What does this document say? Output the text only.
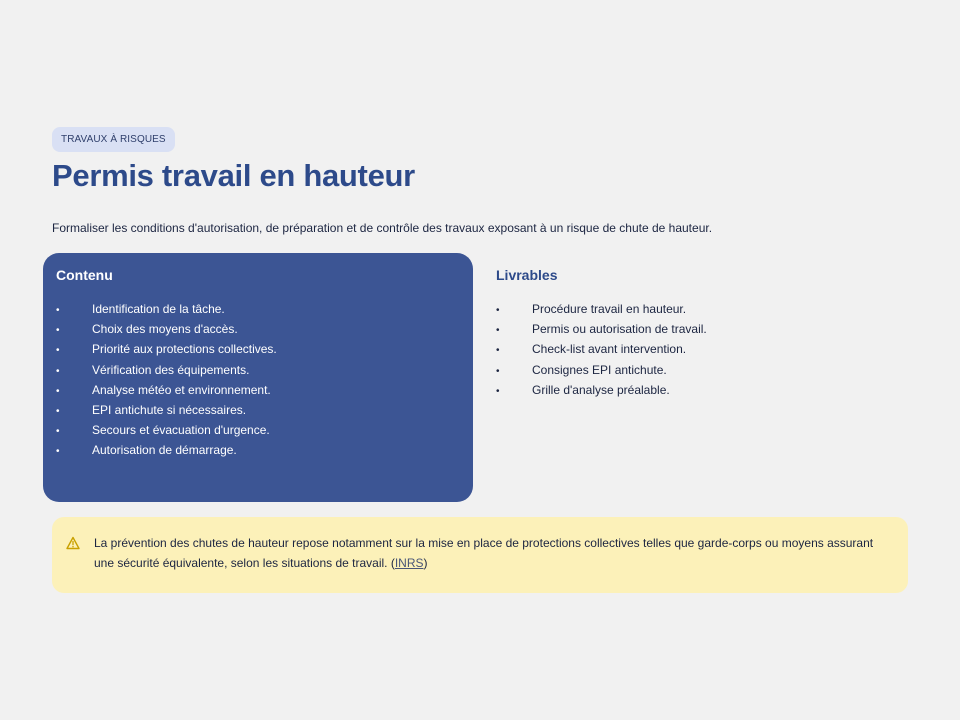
TRAVAUX À RISQUES
Permis travail en hauteur

Formaliser les conditions d'autorisation, de préparation et de contrôle des travaux exposant à un risque de chute de hauteur.

Contenu
•	Identification de la tâche.
•	Choix des moyens d'accès.
•	Priorité aux protections collectives.
•	Vérification des équipements.
•	Analyse météo et environnement.
•	EPI antichute si nécessaires.
•	Secours et évacuation d'urgence.
•	Autorisation de démarrage.
Livrables
•	Procédure travail en hauteur.
•	Permis ou autorisation de travail.
•	Check-list avant intervention.
•	Consignes EPI antichute.
•	Grille d'analyse préalable.

La prévention des chutes de hauteur repose notamment sur la mise en place de protections collectives telles que garde-corps ou moyens assurant une sécurité équivalente, selon les situations de travail. (INRS)
